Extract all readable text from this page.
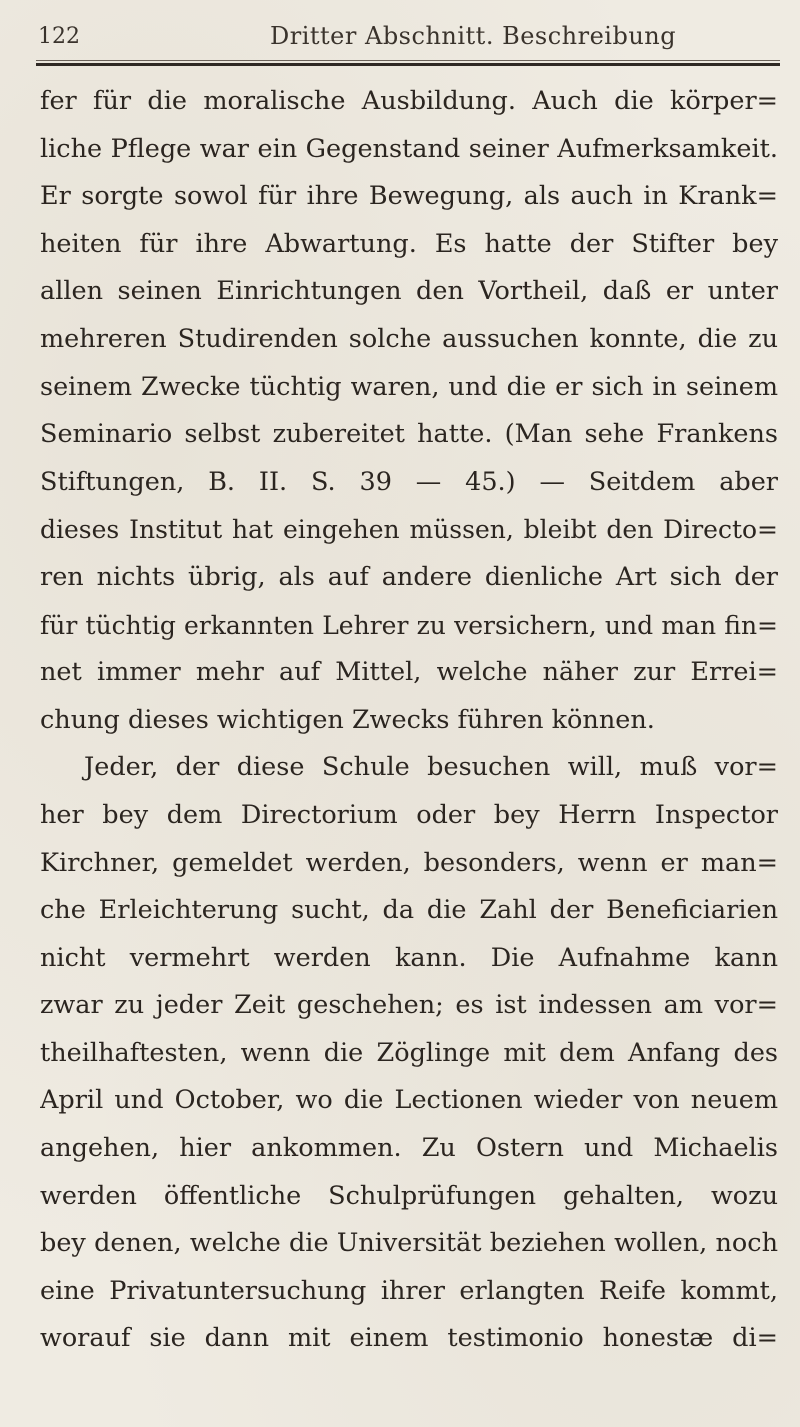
122	Dritter Abschnitt. Beschreibung
fer für die moralische Ausbildung. Auch die körper=
liche Pflege war ein Gegenstand seiner Aufmerksamkeit.
Er sorgte sowol für ihre Bewegung, als auch in Krank=
heiten für ihre Abwartung. Es hatte der Stifter bey
allen seinen Einrichtungen den Vortheil, daß er unter
mehreren Studirenden solche aussuchen konnte, die zu
seinem Zwecke tüchtig waren, und die er sich in seinem
Seminario selbst zubereitet hatte. (Man sehe Frankens
Stiftungen, B. II. S. 39 — 45.) — Seitdem aber
dieses Institut hat eingehen müssen, bleibt den Directo=
ren nichts übrig, als auf andere dienliche Art sich der
für tüchtig erkannten Lehrer zu versichern, und man fin=
net immer mehr auf Mittel, welche näher zur Errei=
chung dieses wichtigen Zwecks führen können.
Jeder, der diese Schule besuchen will, muß vor=
her bey dem Directorium oder bey Herrn Inspector
Kirchner, gemeldet werden, besonders, wenn er man=
che Erleichterung sucht, da die Zahl der Beneficiarien
nicht vermehrt werden kann. Die Aufnahme kann
zwar zu jeder Zeit geschehen; es ist indessen am vor=
theilhaftesten, wenn die Zöglinge mit dem Anfang des
April und October, wo die Lectionen wieder von neuem
angehen, hier ankommen. Zu Ostern und Michaelis
werden öffentliche Schulprüfungen gehalten, wozu
bey denen, welche die Universität beziehen wollen, noch
eine Privatuntersuchung ihrer erlangten Reife kommt,
worauf sie dann mit einem testimonio honestæ di=
